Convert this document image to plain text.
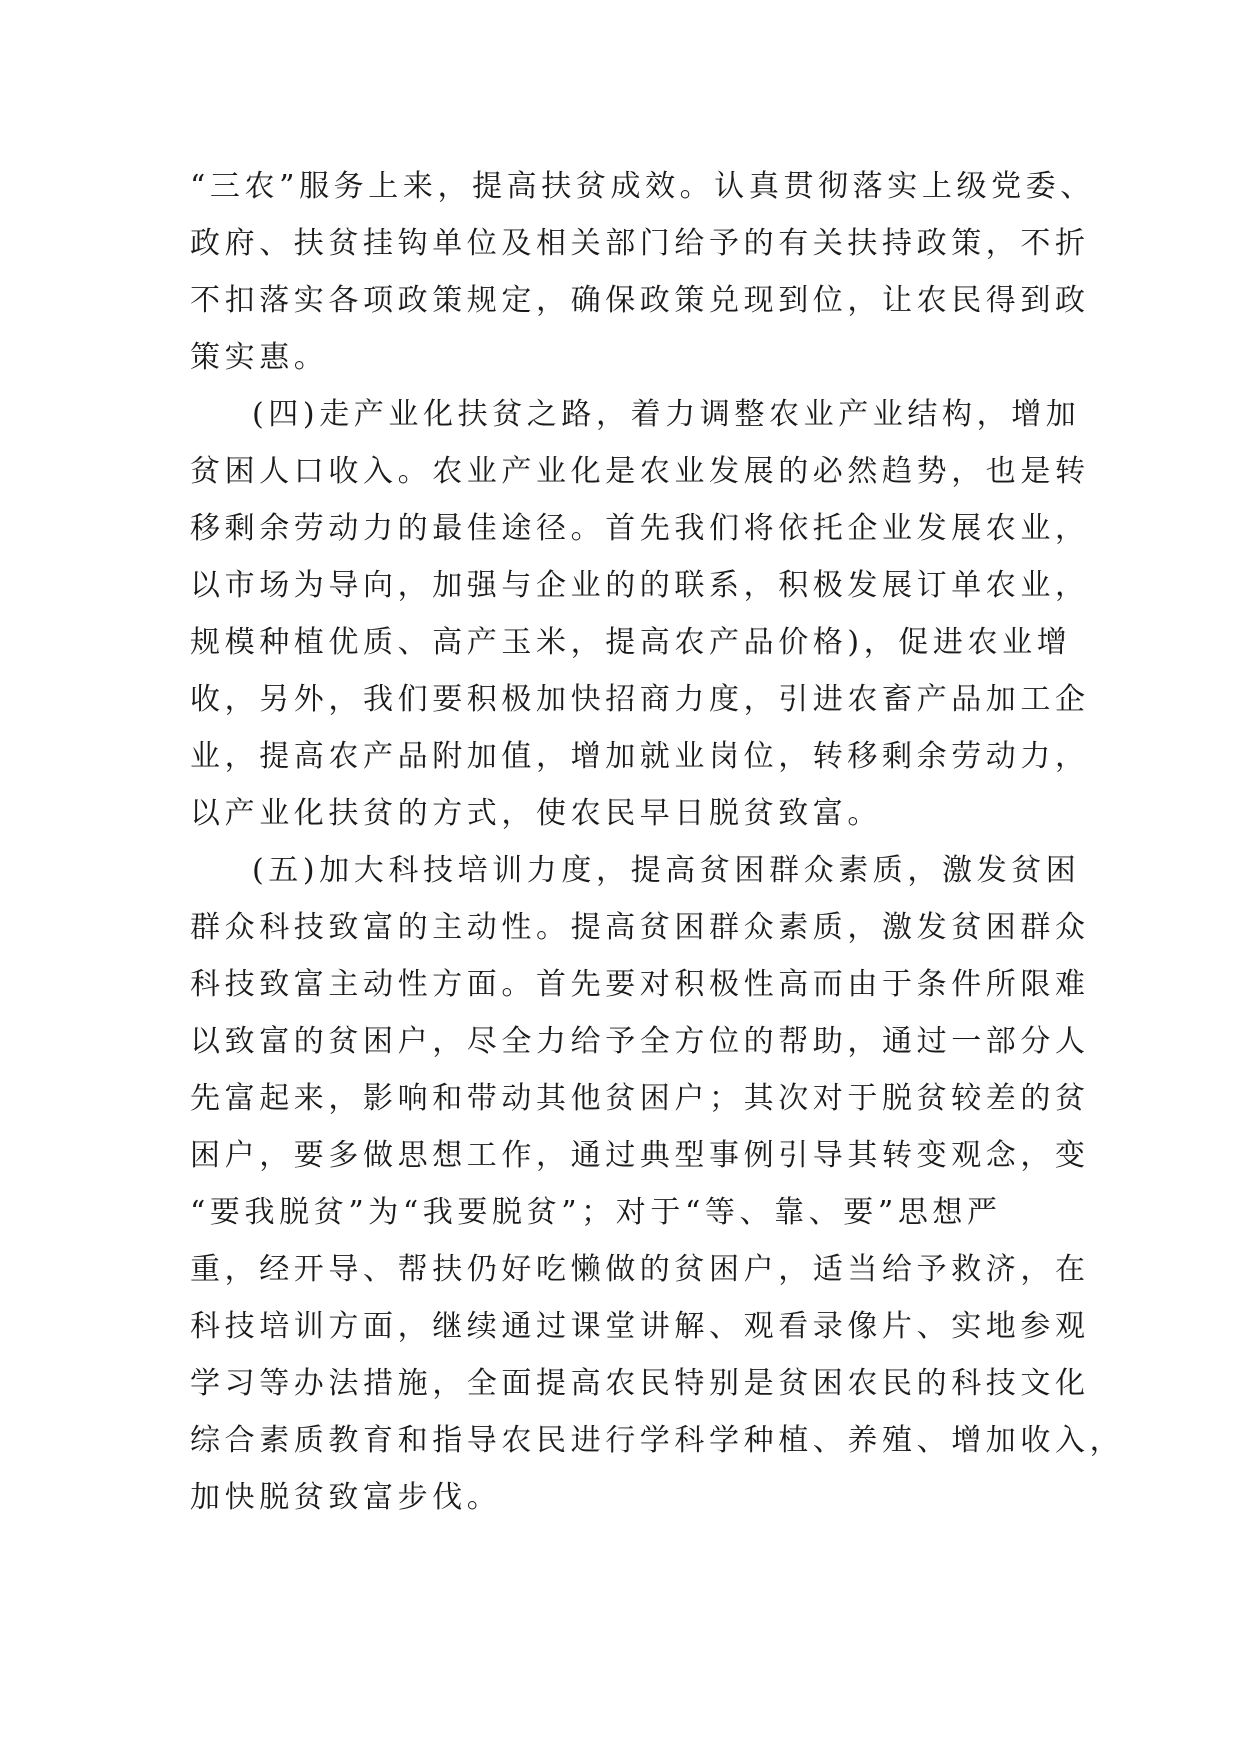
“三农”服务上来，提高扶贫成效。认真贯彻落实上级党委、
政府、扶贫挂钩单位及相关部门给予的有关扶持政策，不折
不扣落实各项政策规定，确保政策兑现到位，让农民得到政
策实惠。
(四)走产业化扶贫之路，着力调整农业产业结构，增加
贫困人口收入。农业产业化是农业发展的必然趋势，也是转
移剩余劳动力的最佳途径。首先我们将依托企业发展农业，
以市场为导向，加强与企业的的联系，积极发展订单农业，
规模种植优质、高产玉米，提高农产品价格)，促进农业增
收，另外，我们要积极加快招商力度，引进农畜产品加工企
业，提高农产品附加值，增加就业岗位，转移剩余劳动力，
以产业化扶贫的方式，使农民早日脱贫致富。
(五)加大科技培训力度，提高贫困群众素质，激发贫困
群众科技致富的主动性。提高贫困群众素质，激发贫困群众
科技致富主动性方面。首先要对积极性高而由于条件所限难
以致富的贫困户，尽全力给予全方位的帮助，通过一部分人
先富起来，影响和带动其他贫困户；其次对于脱贫较差的贫
困户，要多做思想工作，通过典型事例引导其转变观念，变
“要我脱贫”为“我要脱贫”；对于“等、靠、要”思想严
重，经开导、帮扶仍好吃懒做的贫困户，适当给予救济，在
科技培训方面，继续通过课堂讲解、观看录像片、实地参观
学习等办法措施，全面提高农民特别是贫困农民的科技文化
综合素质教育和指导农民进行学科学种植、养殖、增加收入，
加快脱贫致富步伐。
